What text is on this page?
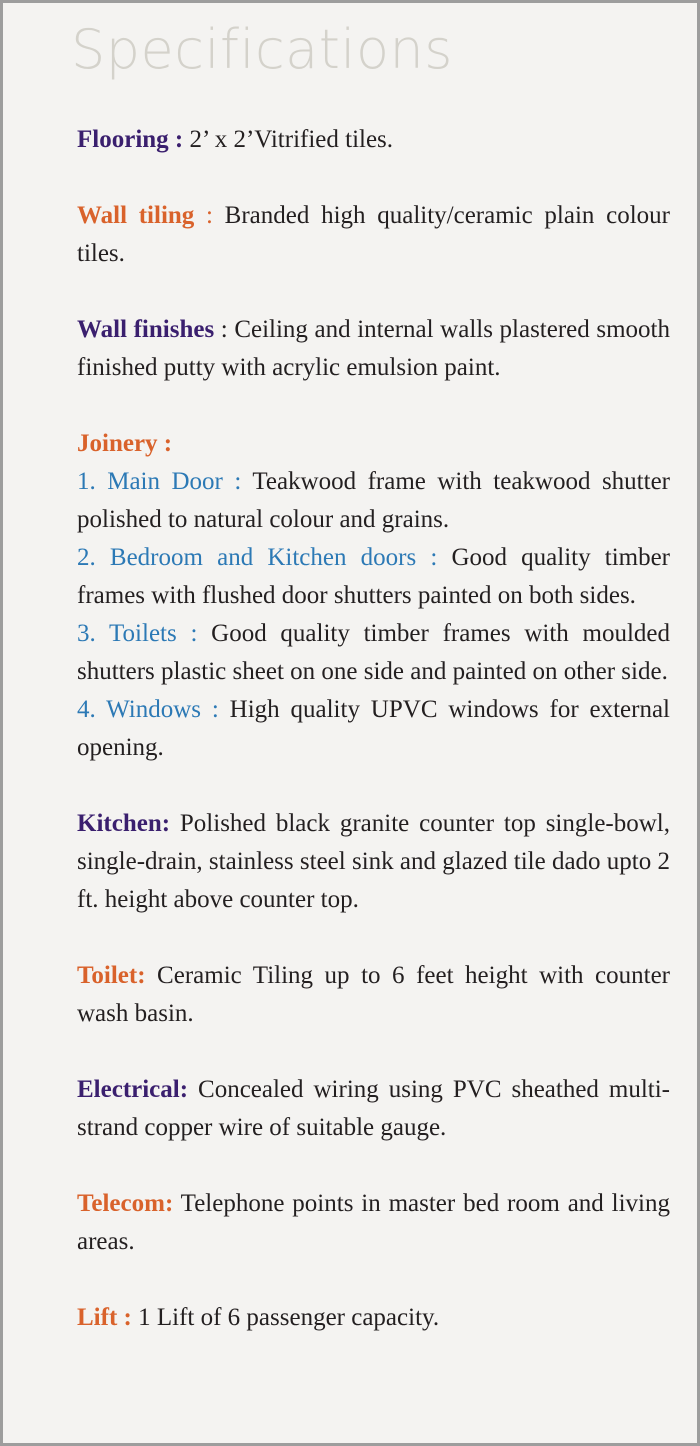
Specifications

Flooring : 2’ x 2’Vitrified tiles.

Wall tiling : Branded high quality/ceramic plain colour tiles.

Wall finishes : Ceiling and internal walls plastered smooth finished putty with acrylic emulsion paint.

Joinery :

1. Main Door : Teakwood frame with teakwood shutter polished to natural colour and grains.

2. Bedroom and Kitchen doors : Good quality timber frames with flushed door shutters painted on both sides.

3. Toilets : Good quality timber frames with moulded shutters plastic sheet on one side and painted on other side.

4. Windows : High quality UPVC windows for external opening.

Kitchen: Polished black granite counter top single-bowl, single-drain, stainless steel sink and glazed tile dado upto 2 ft. height above counter top.

Toilet: Ceramic Tiling up to 6 feet height with counter wash basin.

Electrical: Concealed wiring using PVC sheathed multi-strand copper wire of suitable gauge.

Telecom: Telephone points in master bed room and living areas.

Lift : 1 Lift of 6 passenger capacity.
